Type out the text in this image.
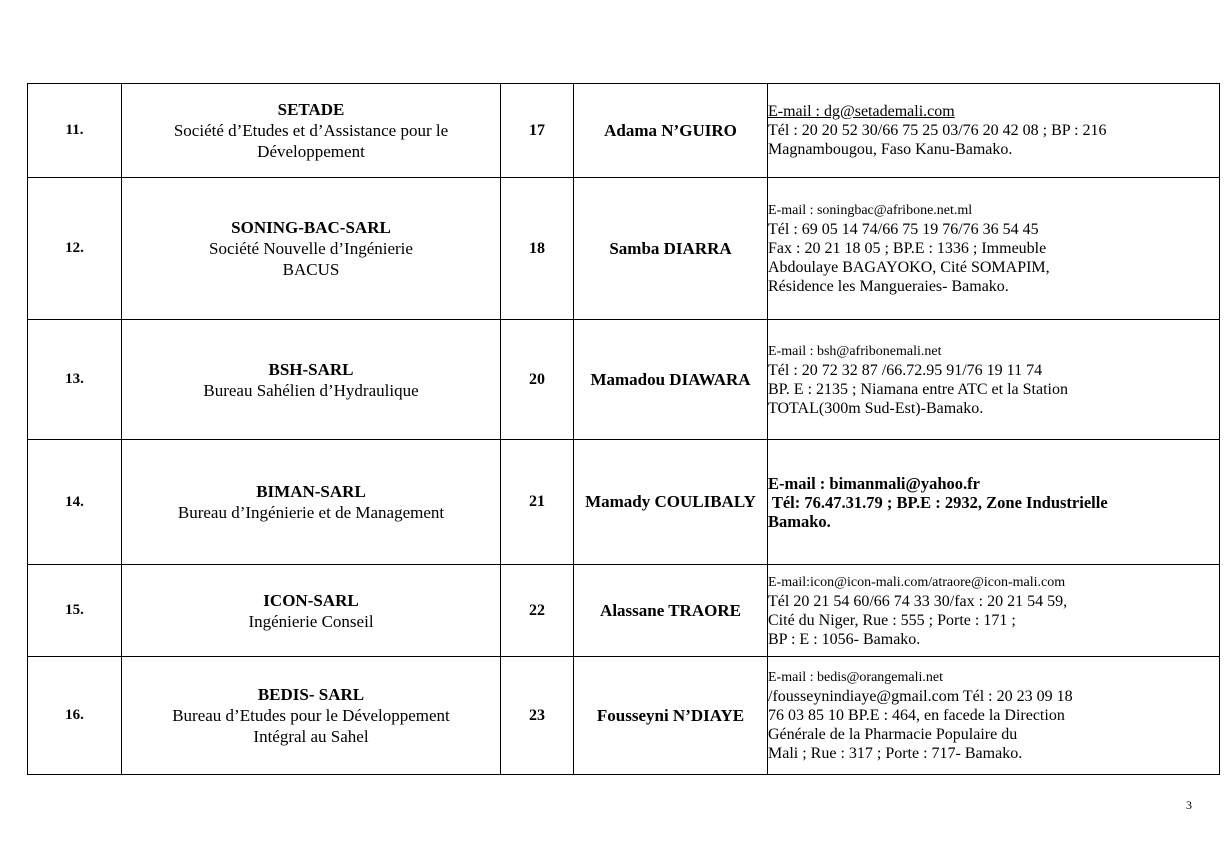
11.	SETADE
Société d’Etudes et d’Assistance pour le
Développement	17	Adama N’GUIRO	E-mail : dg@setademali.com
Tél : 20 20 52 30/66 75 25 03/76 20 42 08 ; BP : 216
Magnambougou, Faso Kanu-Bamako.

12.	SONING-BAC-SARL
Société Nouvelle d’Ingénierie
BACUS	18	Samba DIARRA	E-mail : soningbac@afribone.net.ml
Tél : 69 05 14 74/66 75 19 76/76 36 54 45
Fax : 20 21 18 05 ; BP.E : 1336 ; Immeuble
Abdoulaye BAGAYOKO, Cité SOMAPIM,
Résidence les Mangueraies- Bamako.

13.	BSH-SARL
Bureau Sahélien d’Hydraulique	20	Mamadou DIAWARA	E-mail : bsh@afribonemali.net
Tél : 20 72 32 87 /66.72.95 91/76 19 11 74
BP. E : 2135 ; Niamana entre ATC et la Station
TOTAL(300m Sud-Est)-Bamako.

14.	BIMAN-SARL
Bureau d’Ingénierie et de Management	21	Mamady COULIBALY	E-mail : bimanmali@yahoo.fr
Tél: 76.47.31.79 ; BP.E : 2932, Zone Industrielle
Bamako.

15.	ICON-SARL
Ingénierie Conseil	22	Alassane TRAORE	E-mail:icon@icon-mali.com/atraore@icon-mali.com
Tél 20 21 54 60/66 74 33 30/fax : 20 21 54 59,
Cité du Niger, Rue : 555 ; Porte : 171 ;
BP : E : 1056- Bamako.

16.	BEDIS- SARL
Bureau d’Etudes pour le Développement
Intégral au Sahel	23	Fousseyni N’DIAYE	E-mail : bedis@orangemali.net
/fousseynindiaye@gmail.com Tél : 20 23 09 18
76 03 85 10 BP.E : 464, en facede la Direction
Générale de la Pharmacie Populaire du
Mali ; Rue : 317 ; Porte : 717- Bamako.
3
